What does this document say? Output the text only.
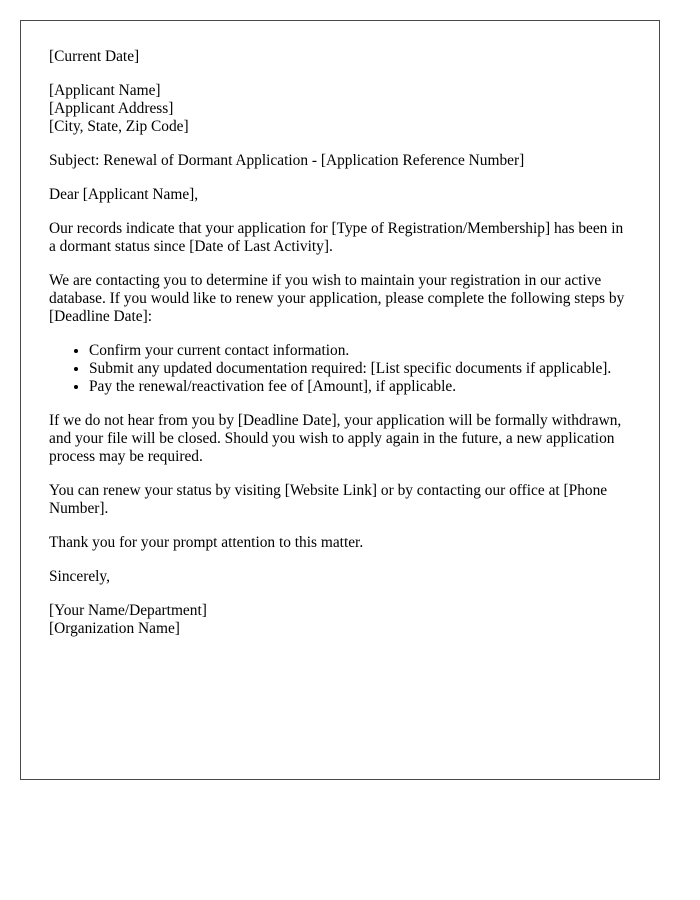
[Current Date]

[Applicant Name]
[Applicant Address]
[City, State, Zip Code]

Subject: Renewal of Dormant Application - [Application Reference Number]

Dear [Applicant Name],

Our records indicate that your application for [Type of Registration/Membership] has been in a dormant status since [Date of Last Activity].

We are contacting you to determine if you wish to maintain your registration in our active database. If you would like to renew your application, please complete the following steps by [Deadline Date]:

• Confirm your current contact information.
• Submit any updated documentation required: [List specific documents if applicable].
• Pay the renewal/reactivation fee of [Amount], if applicable.

If we do not hear from you by [Deadline Date], your application will be formally withdrawn, and your file will be closed. Should you wish to apply again in the future, a new application process may be required.

You can renew your status by visiting [Website Link] or by contacting our office at [Phone Number].

Thank you for your prompt attention to this matter.

Sincerely,

[Your Name/Department]
[Organization Name]
